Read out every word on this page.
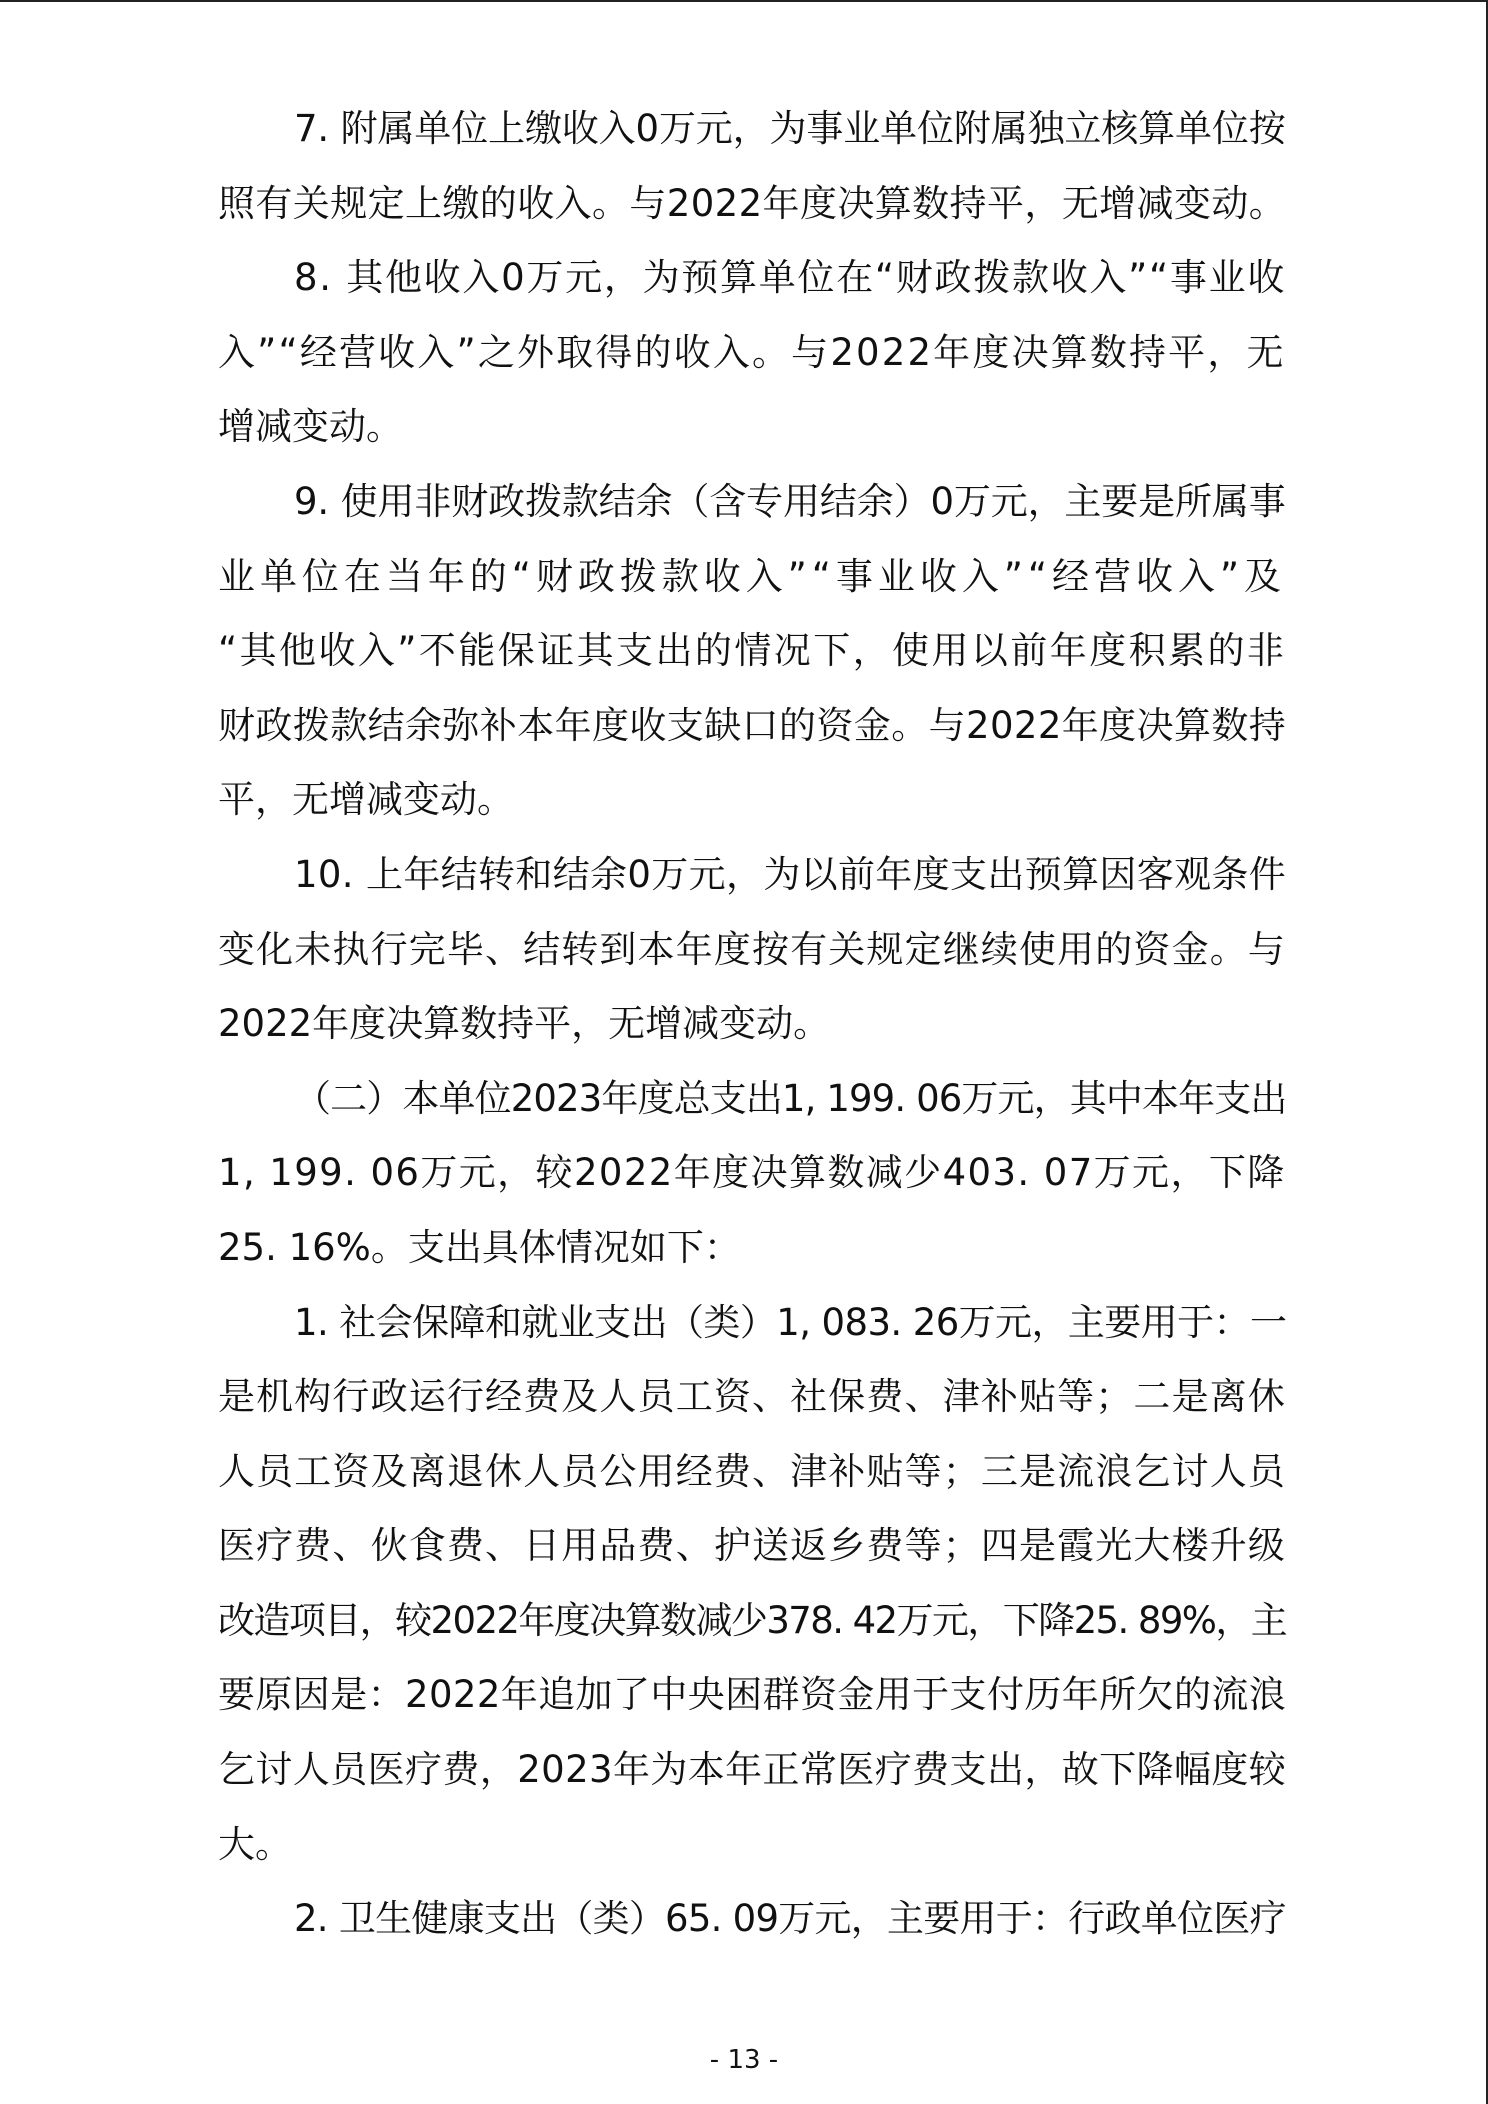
7. 附属单位上缴收入0万元，为事业单位附属独立核算单位按
照有关规定上缴的收入。与2022年度决算数持平，无增减变动。
8. 其他收入0万元，为预算单位在“财政拨款收入”“事业收
入”“经营收入”之外取得的收入。与2022年度决算数持平，无
增减变动。
9. 使用非财政拨款结余（含专用结余）0万元，主要是所属事
业单位在当年的“财政拨款收入”“事业收入”“经营收入”及
“其他收入”不能保证其支出的情况下，使用以前年度积累的非
财政拨款结余弥补本年度收支缺口的资金。与2022年度决算数持
平，无增减变动。
10. 上年结转和结余0万元，为以前年度支出预算因客观条件
变化未执行完毕、结转到本年度按有关规定继续使用的资金。与
2022年度决算数持平，无增减变动。
（二）本单位2023年度总支出1, 199. 06万元，其中本年支出
1, 199. 06万元，较2022年度决算数减少403. 07万元，下降
25. 16%。支出具体情况如下：
1. 社会保障和就业支出（类）1, 083. 26万元，主要用于：一
是机构行政运行经费及人员工资、社保费、津补贴等；二是离休
人员工资及离退休人员公用经费、津补贴等；三是流浪乞讨人员
医疗费、伙食费、日用品费、护送返乡费等；四是霞光大楼升级
改造项目，较2022年度决算数减少378. 42万元，下降25. 89%，主
要原因是：2022年追加了中央困群资金用于支付历年所欠的流浪
乞讨人员医疗费，2023年为本年正常医疗费支出，故下降幅度较
大。
2. 卫生健康支出（类）65. 09万元，主要用于：行政单位医疗
- 13 -
